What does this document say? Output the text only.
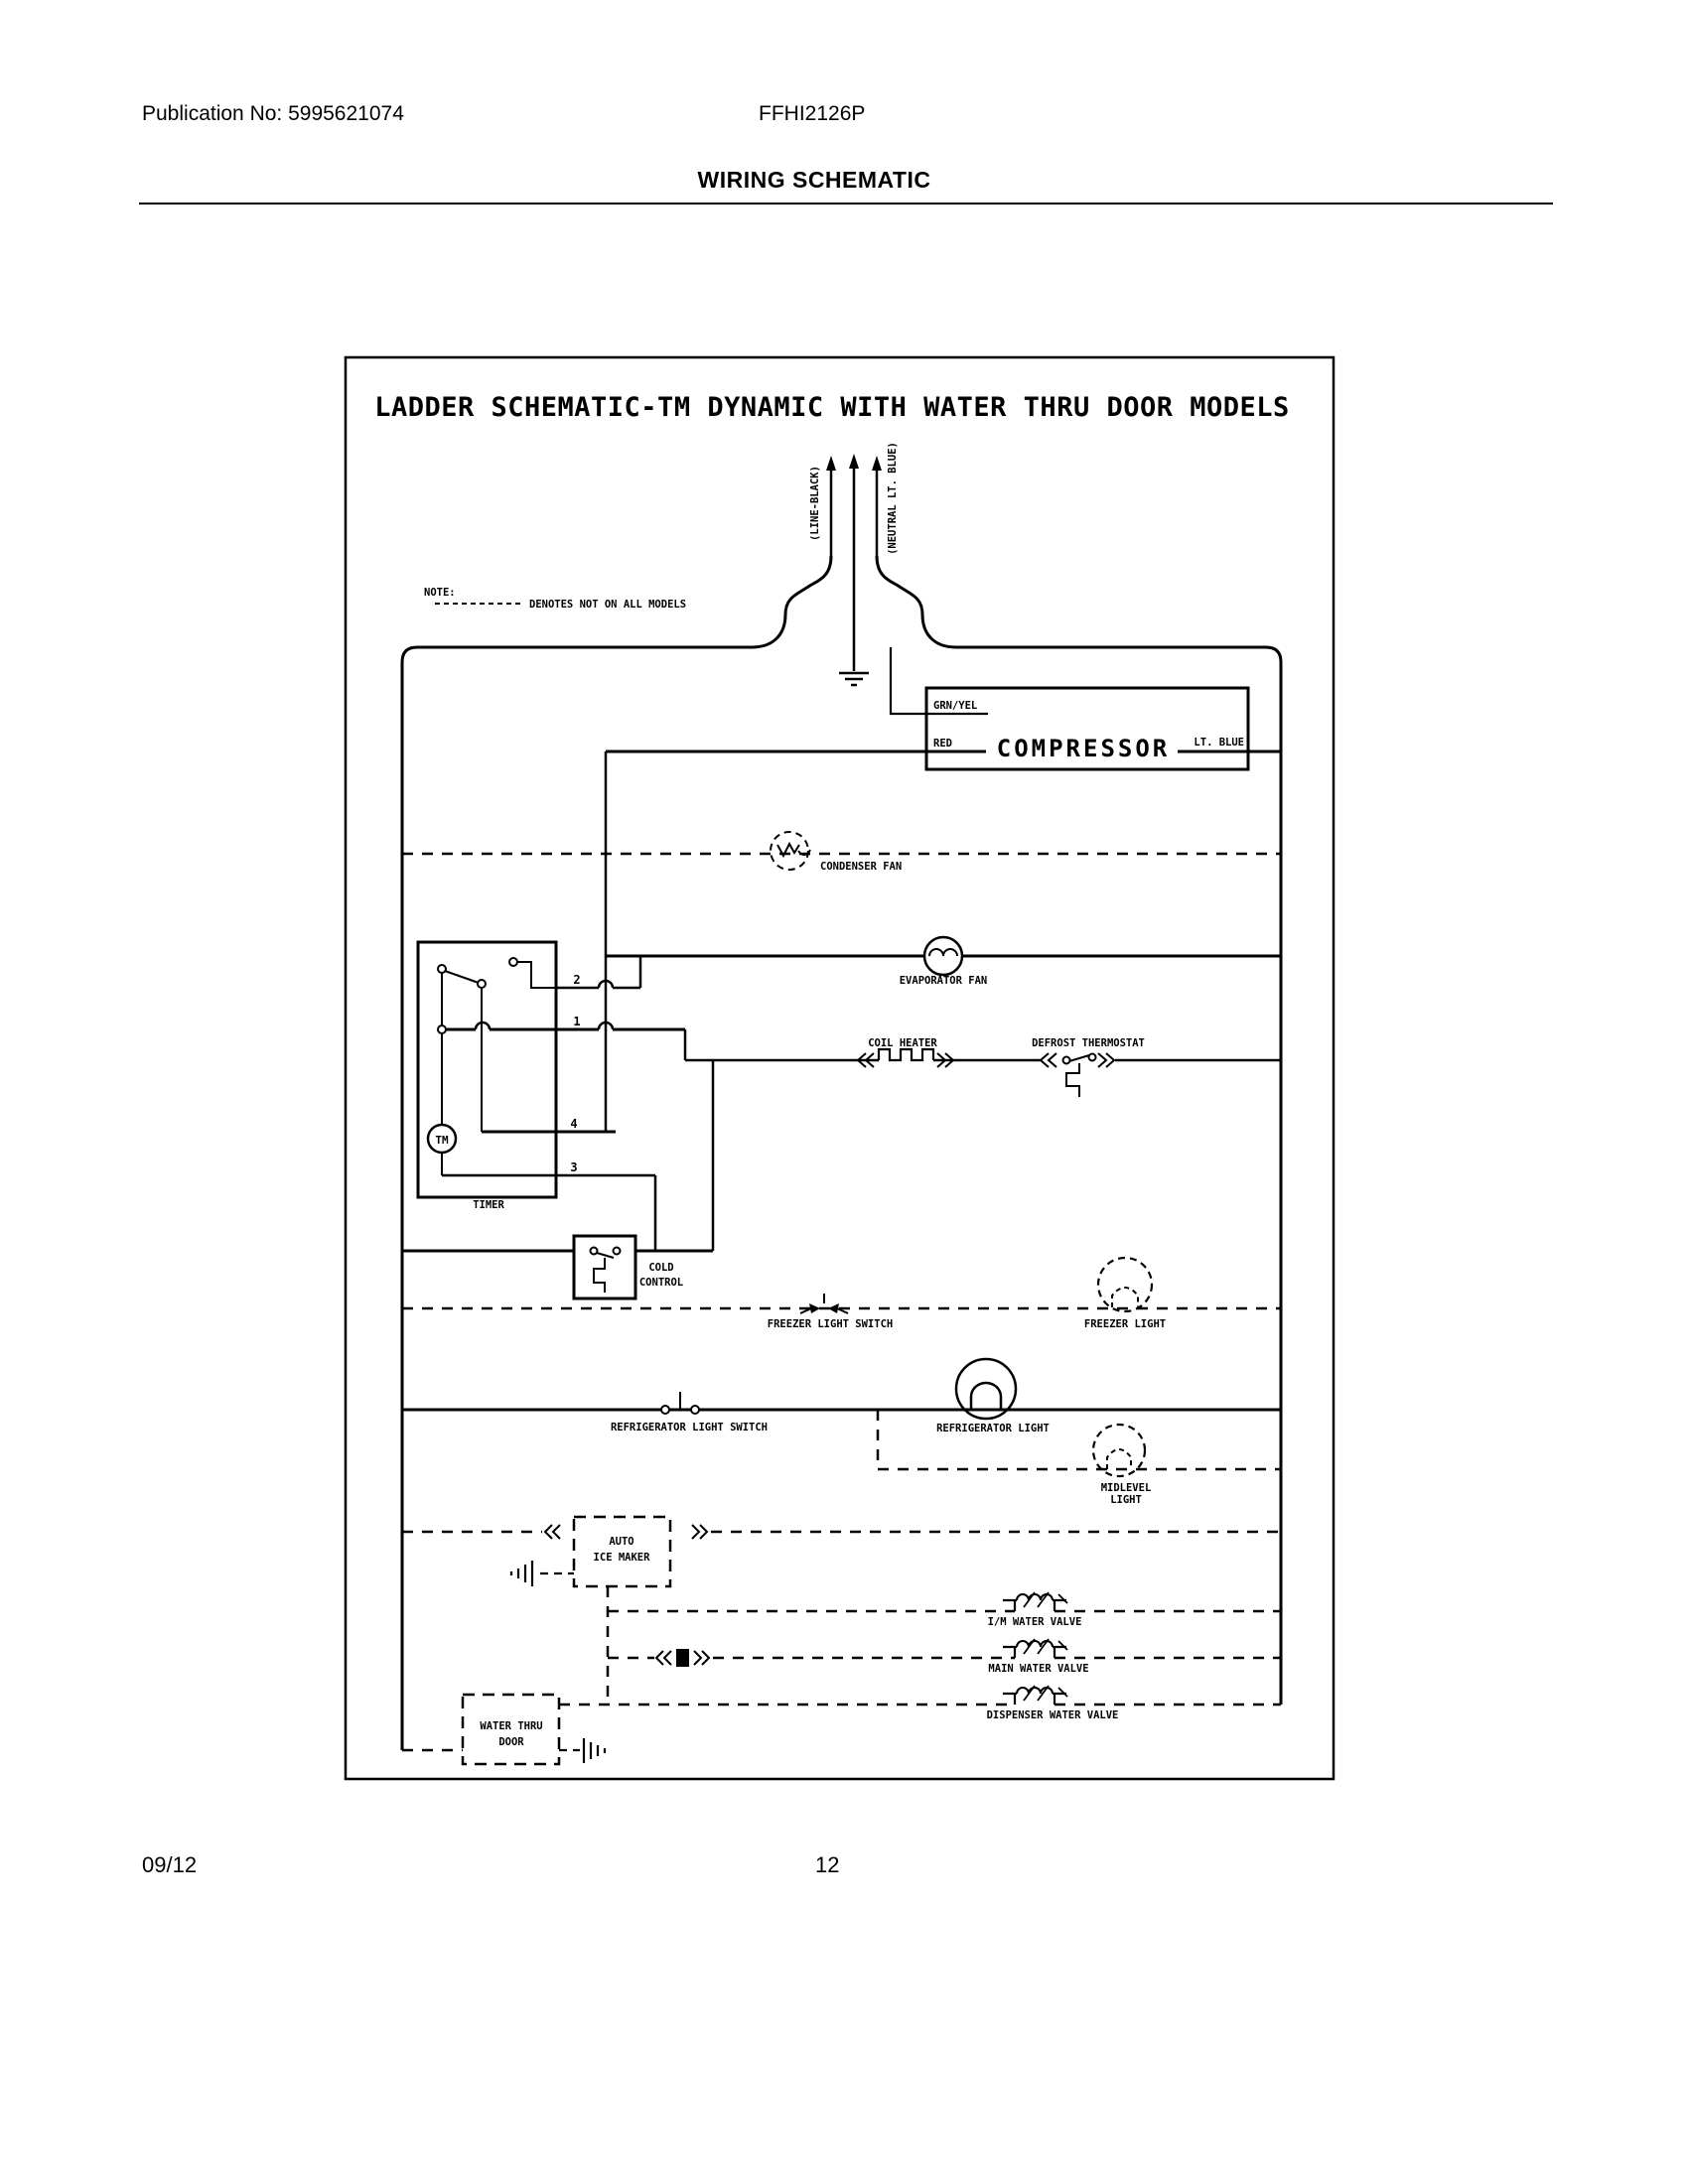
Publication No: 5995621074	FFHI2126P
WIRING SCHEMATIC
LADDER SCHEMATIC-TM DYNAMIC WITH WATER THRU DOOR MODELS
NOTE:
DENOTES NOT ON ALL MODELS
(LINE-BLACK)	(NEUTRAL LT. BLUE)
GRN/YEL
RED	LT. BLUE
COMPRESSOR
CONDENSER FAN
EVAPORATOR FAN
COIL HEATER	DEFROST THERMOSTAT
TM
2
1
4
3
TIMER
COLD
CONTROL
FREEZER LIGHT SWITCH	FREEZER LIGHT
REFRIGERATOR LIGHT SWITCH	REFRIGERATOR LIGHT
MIDLEVEL
LIGHT
AUTO
ICE MAKER
I/M WATER VALVE
MAIN WATER VALVE
DISPENSER WATER VALVE
WATER THRU
DOOR
09/12	12
